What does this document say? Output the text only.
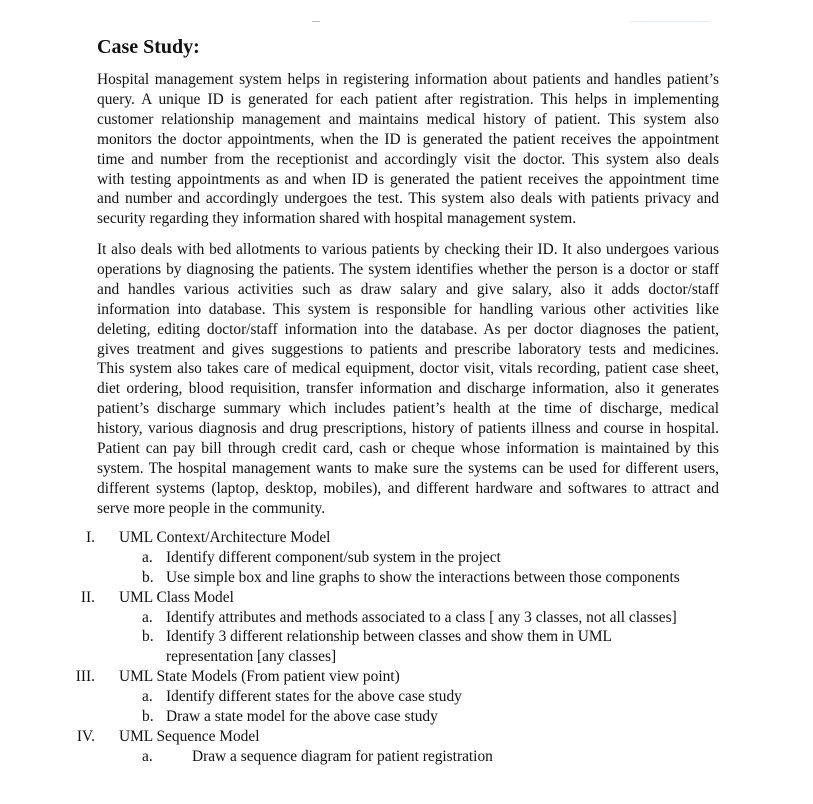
Case Study:
Hospital management system helps in registering information about patients and handles patient’s
query. A unique ID is generated for each patient after registration. This helps in implementing
customer relationship management and maintains medical history of patient. This system also
monitors the doctor appointments, when the ID is generated the patient receives the appointment
time and number from the receptionist and accordingly visit the doctor. This system also deals
with testing appointments as and when ID is generated the patient receives the appointment time
and number and accordingly undergoes the test. This system also deals with patients privacy and
security regarding they information shared with hospital management system.
It also deals with bed allotments to various patients by checking their ID. It also undergoes various
operations by diagnosing the patients. The system identifies whether the person is a doctor or staff
and handles various activities such as draw salary and give salary, also it adds doctor/staff
information into database. This system is responsible for handling various other activities like
deleting, editing doctor/staff information into the database. As per doctor diagnoses the patient,
gives treatment and gives suggestions to patients and prescribe laboratory tests and medicines.
This system also takes care of medical equipment, doctor visit, vitals recording, patient case sheet,
diet ordering, blood requisition, transfer information and discharge information, also it generates
patient’s discharge summary which includes patient’s health at the time of discharge, medical
history, various diagnosis and drug prescriptions, history of patients illness and course in hospital.
Patient can pay bill through credit card, cash or cheque whose information is maintained by this
system. The hospital management wants to make sure the systems can be used for different users,
different systems (laptop, desktop, mobiles), and different hardware and softwares to attract and
serve more people in the community.
I. UML Context/Architecture Model
a. Identify different component/sub system in the project
b. Use simple box and line graphs to show the interactions between those components
II. UML Class Model
a. Identify attributes and methods associated to a class [ any 3 classes, not all classes]
b. Identify 3 different relationship between classes and show them in UML
representation [any classes]
III. UML State Models (From patient view point)
a. Identify different states for the above case study
b. Draw a state model for the above case study
IV. UML Sequence Model
a.	Draw a sequence diagram for patient registration
